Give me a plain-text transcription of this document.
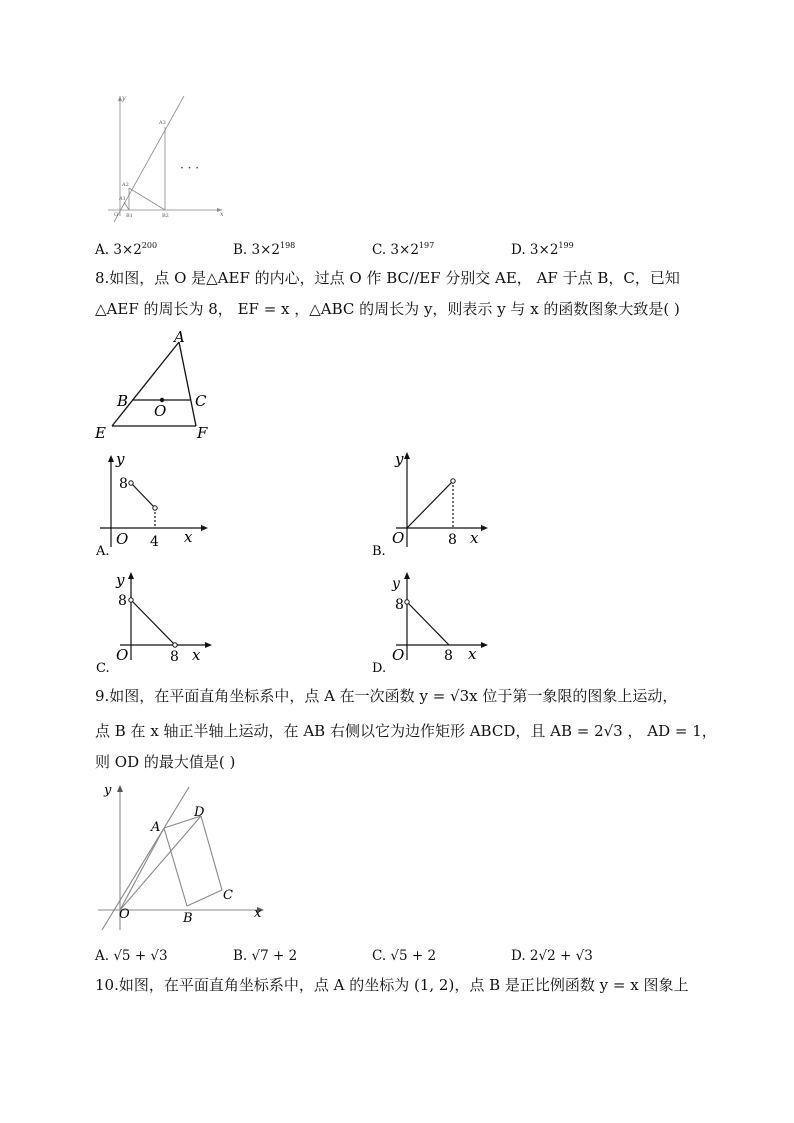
· · ·
y
x
O
A3
A2
A1
B1	B2
A. $3\times 2^{200}$	B. $3\times 2^{198}$	C. $3\times 2^{197}$	D. $3\times 2^{199}$
8.如图，点 O 是△AEF 的内心，过点 O 作 BC//EF 分别交 AE， AF 于点 B，C，已知
△AEF 的周长为 8， EF = x ，△ABC 的周长为 y，则表示 y 与 x 的函数图象大致是( )
A
B	C
O
E	F
y
8
O 4 x
A.
y
O	8 x
B.
y
8
O	8 x
C.
y
8
O	8 x
D.
9.如图，在平面直角坐标系中，点 A 在一次函数 y = √3x 位于第一象限的图象上运动，
点 B 在 x 轴正半轴上运动，在 AB 右侧以它为边作矩形 ABCD，且 AB = 2√3 ， AD = 1，
则 OD 的最大值是( )
y
x
O
A
D
C
B
A. √5 + √3	B. √7 + 2	C. √5 + 2	D. 2√2 + √3
10.如图，在平面直角坐标系中，点 A 的坐标为 (1, 2)，点 B 是正比例函数 y = x 图象上
